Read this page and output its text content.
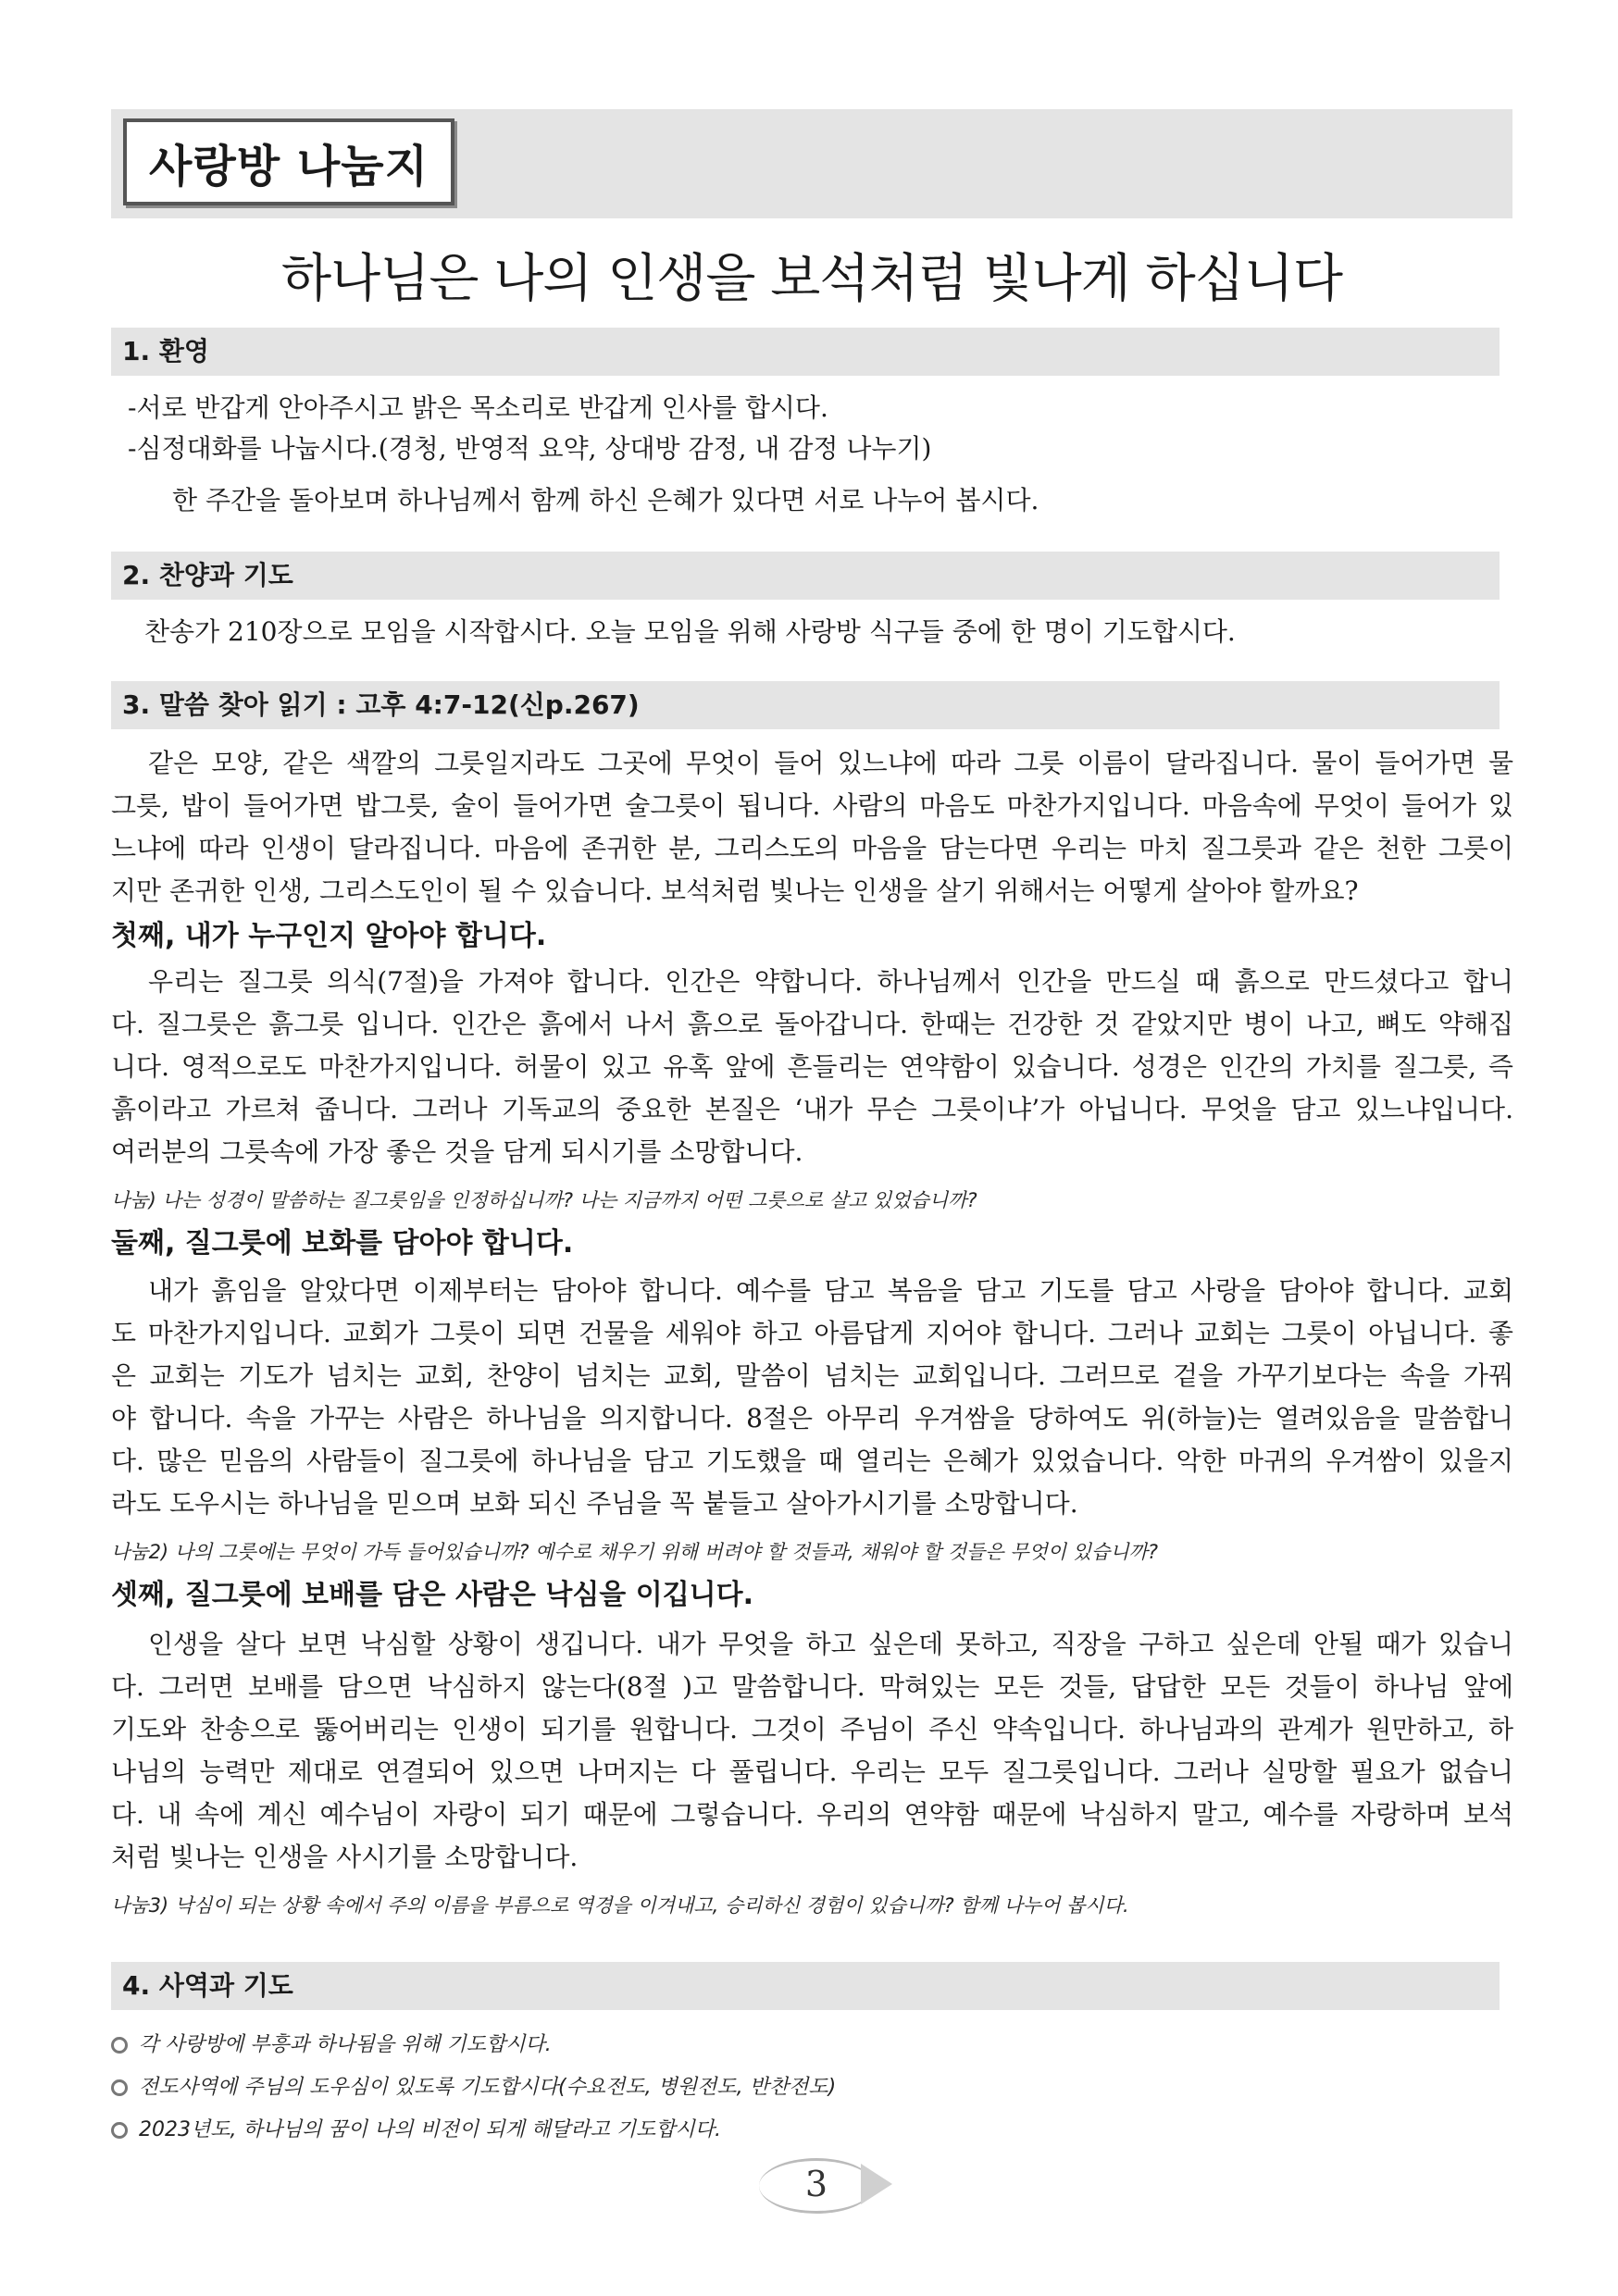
사랑방 나눔지
하나님은 나의 인생을 보석처럼 빛나게 하십니다
1. 환영
-서로 반갑게 안아주시고 밝은 목소리로 반갑게 인사를 합시다.
-심정대화를 나눕시다.(경청, 반영적 요약, 상대방 감정, 내 감정 나누기)
한 주간을 돌아보며 하나님께서 함께 하신 은혜가 있다면 서로 나누어 봅시다.
2. 찬양과 기도
찬송가 210장으로 모임을 시작합시다. 오늘 모임을 위해 사랑방 식구들 중에 한 명이 기도합시다.
3. 말씀 찾아 읽기 : 고후 4:7-12(신p.267)
같은 모양, 같은 색깔의 그릇일지라도 그곳에 무엇이 들어 있느냐에 따라 그릇 이름이 달라집니다. 물이 들어가면 물
그릇, 밥이 들어가면 밥그릇, 술이 들어가면 술그릇이 됩니다. 사람의 마음도 마찬가지입니다. 마음속에 무엇이 들어가 있
느냐에 따라 인생이 달라집니다. 마음에 존귀한 분, 그리스도의 마음을 담는다면 우리는 마치 질그릇과 같은 천한 그릇이
지만 존귀한 인생, 그리스도인이 될 수 있습니다. 보석처럼 빛나는 인생을 살기 위해서는 어떻게 살아야 할까요?
첫째, 내가 누구인지 알아야 합니다.
우리는 질그릇 의식(7절)을 가져야 합니다. 인간은 약합니다. 하나님께서 인간을 만드실 때 흙으로 만드셨다고 합니
다. 질그릇은 흙그릇 입니다. 인간은 흙에서 나서 흙으로 돌아갑니다. 한때는 건강한 것 같았지만 병이 나고, 뼈도 약해집
니다. 영적으로도 마찬가지입니다. 허물이 있고 유혹 앞에 흔들리는 연약함이 있습니다. 성경은 인간의 가치를 질그릇, 즉
흙이라고 가르쳐 줍니다. 그러나 기독교의 중요한 본질은 ‘내가 무슨 그릇이냐’가 아닙니다. 무엇을 담고 있느냐입니다.
여러분의 그릇속에 가장 좋은 것을 담게 되시기를 소망합니다.
나눔) 나는 성경이 말씀하는 질그릇임을 인정하십니까? 나는 지금까지 어떤 그릇으로 살고 있었습니까?
둘째, 질그릇에 보화를 담아야 합니다.
내가 흙임을 알았다면 이제부터는 담아야 합니다. 예수를 담고 복음을 담고 기도를 담고 사랑을 담아야 합니다. 교회
도 마찬가지입니다. 교회가 그릇이 되면 건물을 세워야 하고 아름답게 지어야 합니다. 그러나 교회는 그릇이 아닙니다. 좋
은 교회는 기도가 넘치는 교회, 찬양이 넘치는 교회, 말씀이 넘치는 교회입니다. 그러므로 겉을 가꾸기보다는 속을 가꿔
야 합니다. 속을 가꾸는 사람은 하나님을 의지합니다. 8절은 아무리 우겨쌈을 당하여도 위(하늘)는 열려있음을 말씀합니
다. 많은 믿음의 사람들이 질그릇에 하나님을 담고 기도했을 때 열리는 은혜가 있었습니다. 악한 마귀의 우겨쌈이 있을지
라도 도우시는 하나님을 믿으며 보화 되신 주님을 꼭 붙들고 살아가시기를 소망합니다.
나눔2) 나의 그릇에는 무엇이 가득 들어있습니까? 예수로 채우기 위해 버려야 할 것들과, 채워야 할 것들은 무엇이 있습니까?
셋째, 질그릇에 보배를 담은 사람은 낙심을 이깁니다.
인생을 살다 보면 낙심할 상황이 생깁니다. 내가 무엇을 하고 싶은데 못하고, 직장을 구하고 싶은데 안될 때가 있습니
다. 그러면 보배를 담으면 낙심하지 않는다(8절 )고 말씀합니다. 막혀있는 모든 것들, 답답한 모든 것들이 하나님 앞에
기도와 찬송으로 뚫어버리는 인생이 되기를 원합니다. 그것이 주님이 주신 약속입니다. 하나님과의 관계가 원만하고, 하
나님의 능력만 제대로 연결되어 있으면 나머지는 다 풀립니다. 우리는 모두 질그릇입니다. 그러나 실망할 필요가 없습니
다. 내 속에 계신 예수님이 자랑이 되기 때문에 그렇습니다. 우리의 연약함 때문에 낙심하지 말고, 예수를 자랑하며 보석
처럼 빛나는 인생을 사시기를 소망합니다.
나눔3) 낙심이 되는 상황 속에서 주의 이름을 부름으로 역경을 이겨내고, 승리하신 경험이 있습니까? 함께 나누어 봅시다.
4. 사역과 기도
각 사랑방에 부흥과 하나됨을 위해 기도합시다.
전도사역에 주님의 도우심이 있도록 기도합시다(수요전도, 병원전도, 반찬전도)
2023년도, 하나님의 꿈이 나의 비전이 되게 해달라고 기도합시다.
3
